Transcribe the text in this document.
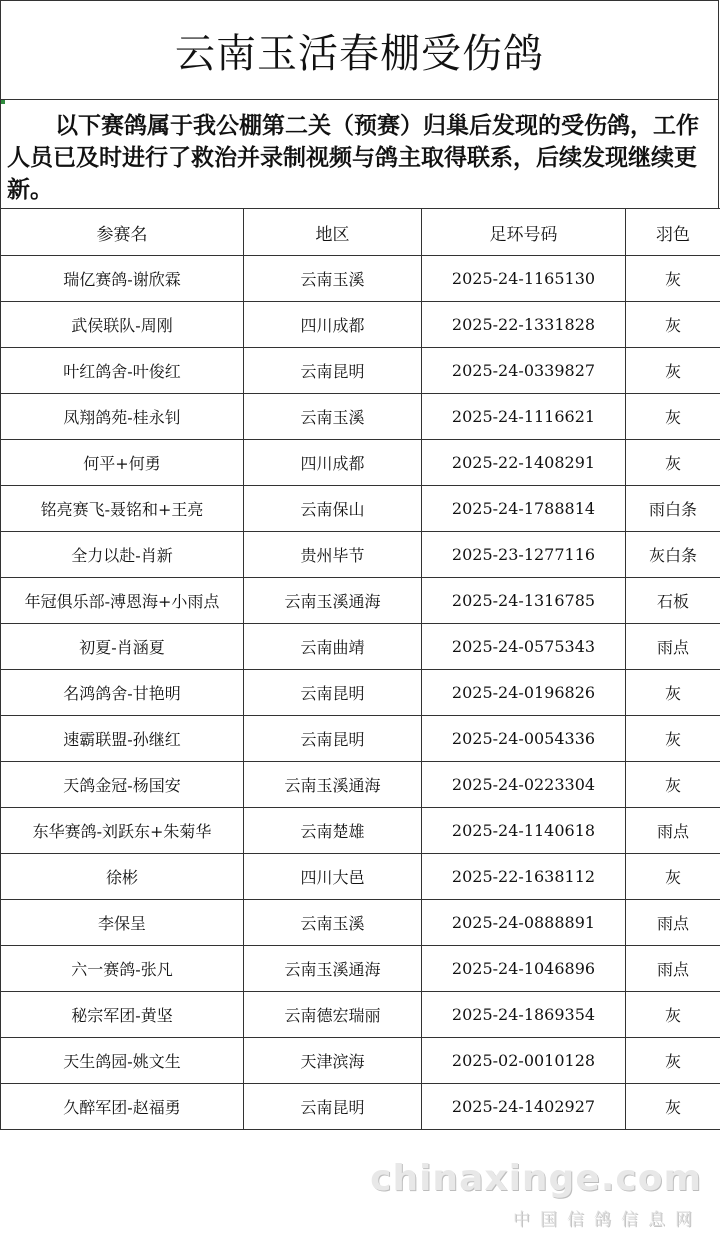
云南玉活春棚受伤鸽
以下赛鸽属于我公棚第二关（预赛）归巢后发现的受伤鸽，工作人员已及时进行了救治并录制视频与鸽主取得联系，后续发现继续更新。
参赛名	地区	足环号码	羽色
瑞亿赛鸽-谢欣霖	云南玉溪	2025-24-1165130	灰
武侯联队-周刚	四川成都	2025-22-1331828	灰
叶红鸽舍-叶俊红	云南昆明	2025-24-0339827	灰
凤翔鸽苑-桂永钊	云南玉溪	2025-24-1116621	灰
何平+何勇	四川成都	2025-22-1408291	灰
铭亮赛飞-聂铭和+王亮	云南保山	2025-24-1788814	雨白条
全力以赴-肖新	贵州毕节	2025-23-1277116	灰白条
年冠俱乐部-溥恩海+小雨点	云南玉溪通海	2025-24-1316785	石板
初夏-肖涵夏	云南曲靖	2025-24-0575343	雨点
名鸿鸽舍-甘艳明	云南昆明	2025-24-0196826	灰
速霸联盟-孙继红	云南昆明	2025-24-0054336	灰
天鸽金冠-杨国安	云南玉溪通海	2025-24-0223304	灰
东华赛鸽-刘跃东+朱菊华	云南楚雄	2025-24-1140618	雨点
徐彬	四川大邑	2025-22-1638112	灰
李保呈	云南玉溪	2025-24-0888891	雨点
六一赛鸽-张凡	云南玉溪通海	2025-24-1046896	雨点
秘宗军团-黄坚	云南德宏瑞丽	2025-24-1869354	灰
天生鸽园-姚文生	天津滨海	2025-02-0010128	灰
久醉军团-赵福勇	云南昆明	2025-24-1402927	灰
chinaxinge.com
中国信鸽信息网
